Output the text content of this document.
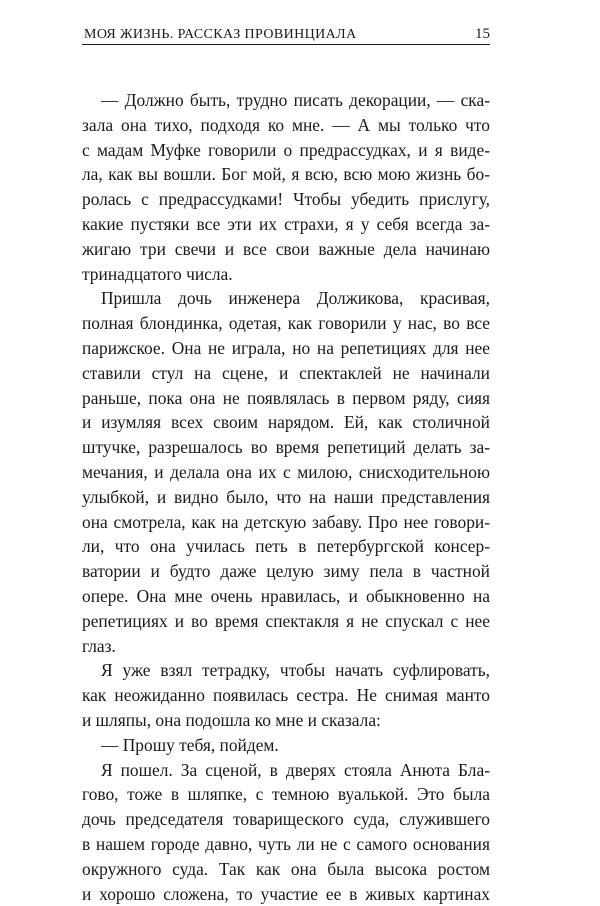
МОЯ ЖИЗНЬ. РАССКАЗ ПРОВИНЦИАЛА	15
— Должно быть, трудно писать декорации, — ска-
зала она тихо, подходя ко мне. — А мы только что
с мадам Муфке говорили о предрассудках, и я виде-
ла, как вы вошли. Бог мой, я всю, всю мою жизнь бо-
ролась с предрассудками! Чтобы убедить прислугу,
какие пустяки все эти их страхи, я у себя всегда за-
жигаю три свечи и все свои важные дела начинаю
тринадцатого числа.
Пришла дочь инженера Должикова, красивая,
полная блондинка, одетая, как говорили у нас, во все
парижское. Она не играла, но на репетициях для нее
ставили стул на сцене, и спектаклей не начинали
раньше, пока она не появлялась в первом ряду, сияя
и изумляя всех своим нарядом. Ей, как столичной
штучке, разрешалось во время репетиций делать за-
мечания, и делала она их с милою, снисходительною
улыбкой, и видно было, что на наши представления
она смотрела, как на детскую забаву. Про нее говори-
ли, что она училась петь в петербургской консер-
ватории и будто даже целую зиму пела в частной
опере. Она мне очень нравилась, и обыкновенно на
репетициях и во время спектакля я не спускал с нее
глаз.
Я уже взял тетрадку, чтобы начать суфлировать,
как неожиданно появилась сестра. Не снимая манто
и шляпы, она подошла ко мне и сказала:
— Прошу тебя, пойдем.
Я пошел. За сценой, в дверях стояла Анюта Бла-
гово, тоже в шляпке, с темною вуалькой. Это была
дочь председателя товарищеского суда, служившего
в нашем городе давно, чуть ли не с самого основания
окружного суда. Так как она была высока ростом
и хорошо сложена, то участие ее в живых картинах
